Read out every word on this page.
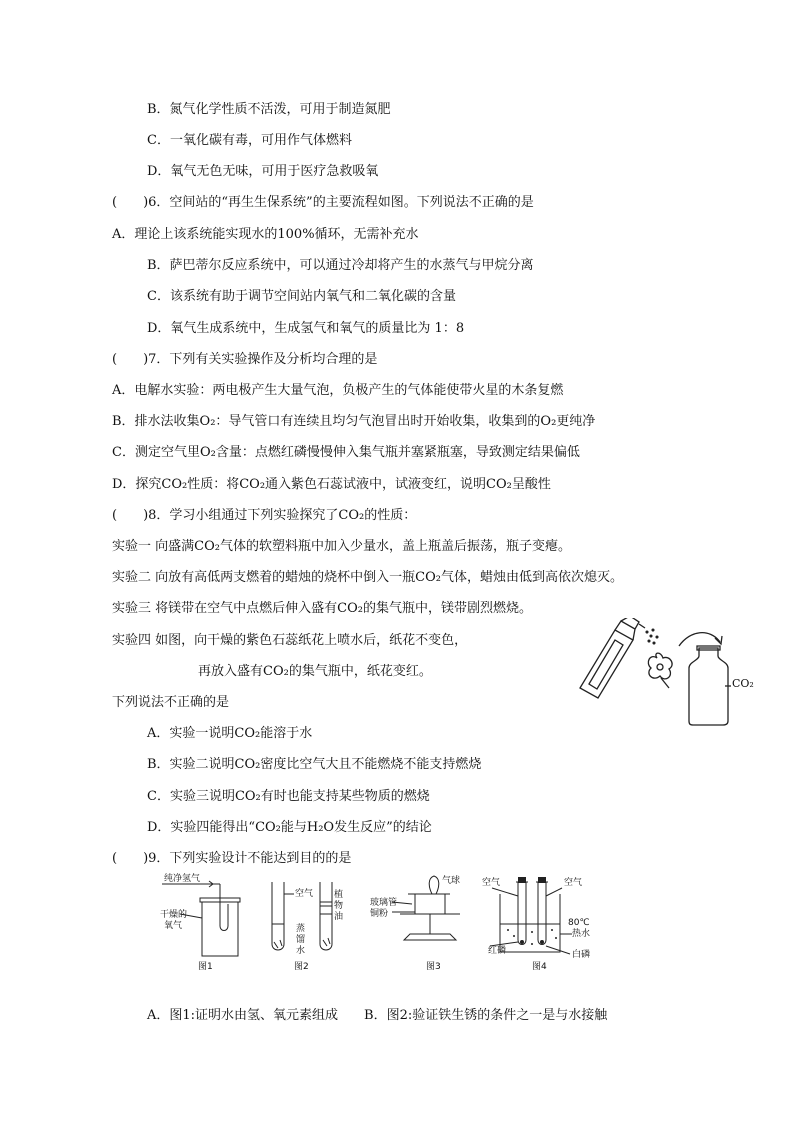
B．氮气化学性质不活泼，可用于制造氮肥
C．一氧化碳有毒，可用作气体燃料
D．氧气无色无味，可用于医疗急救吸氧
(　　)6．空间站的“再生生保系统”的主要流程如图。下列说法不正确的是
A．理论上该系统能实现水的100%循环，无需补充水
B．萨巴蒂尔反应系统中，可以通过冷却将产生的水蒸气与甲烷分离
C．该系统有助于调节空间站内氧气和二氧化碳的含量
D．氧气生成系统中，生成氢气和氧气的质量比为 1：8
(　　)7．下列有关实验操作及分析均合理的是
A．电解水实验：两电极产生大量气泡，负极产生的气体能使带火星的木条复燃
B．排水法收集O₂：导气管口有连续且均匀气泡冒出时开始收集，收集到的O₂更纯净
C．测定空气里O₂含量：点燃红磷慢慢伸入集气瓶并塞紧瓶塞，导致测定结果偏低
D．探究CO₂性质：将CO₂通入紫色石蕊试液中，试液变红，说明CO₂呈酸性
(　　)8．学习小组通过下列实验探究了CO₂的性质：
实验一 向盛满CO₂气体的软塑料瓶中加入少量水，盖上瓶盖后振荡，瓶子变瘪。
实验二 向放有高低两支燃着的蜡烛的烧杯中倒入一瓶CO₂气体，蜡烛由低到高依次熄灭。
实验三 将镁带在空气中点燃后伸入盛有CO₂的集气瓶中，镁带剧烈燃烧。
实验四 如图，向干燥的紫色石蕊纸花上喷水后，纸花不变色，
再放入盛有CO₂的集气瓶中，纸花变红。
下列说法不正确的是
A．实验一说明CO₂能溶于水
B．实验二说明CO₂密度比空气大且不能燃烧不能支持燃烧
C．实验三说明CO₂有时也能支持某些物质的燃烧
D．实验四能得出“CO₂能与H₂O发生反应”的结论
(　　)9．下列实验设计不能达到目的的是
A．图1:证明水由氢、氧元素组成　　B．图2:验证铁生锈的条件之一是与水接触
CO₂
纯净氢气
干燥的
氧气
图1
空气 植
物
油
蒸
馏
水
图2
玻璃管
铜粉
气球
图3
空气	空气
80℃
热水
红磷	白磷
图4
